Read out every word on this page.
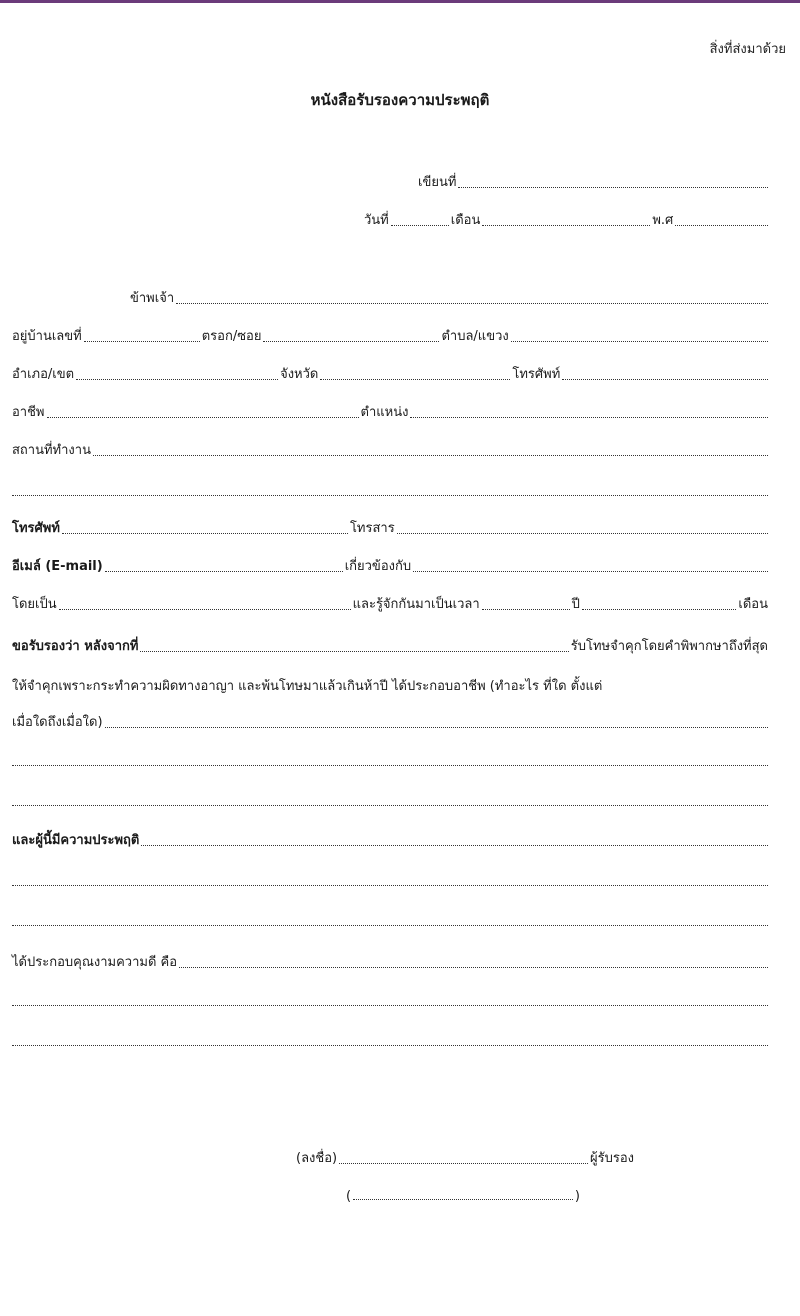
สิ่งที่ส่งมาด้วย
หนังสือรับรองความประพฤติ
เขียนที่
วันที่	เดือน	พ.ศ
ข้าพเจ้า
อยู่บ้านเลขที่	ตรอก/ซอย	ตำบล/แขวง
อำเภอ/เขต	จังหวัด	โทรศัพท์
อาชีพ	ตำแหน่ง
สถานที่ทำงาน
โทรศัพท์	โทรสาร
อีเมล์ (E-mail)	เกี่ยวข้องกับ
โดยเป็น	และรู้จักกันมาเป็นเวลา	ปี	เดือน
ขอรับรองว่า หลังจากที่	รับโทษจำคุกโดยคำพิพากษาถึงที่สุด
ให้จำคุกเพราะกระทำความผิดทางอาญา และพ้นโทษมาแล้วเกินห้าปี ได้ประกอบอาชีพ (ทำอะไร ที่ใด ตั้งแต่
เมื่อใดถึงเมื่อใด)
และผู้นี้มีความประพฤติ
ได้ประกอบคุณงามความดี คือ
(ลงชื่อ)	ผู้รับรอง
(	)
